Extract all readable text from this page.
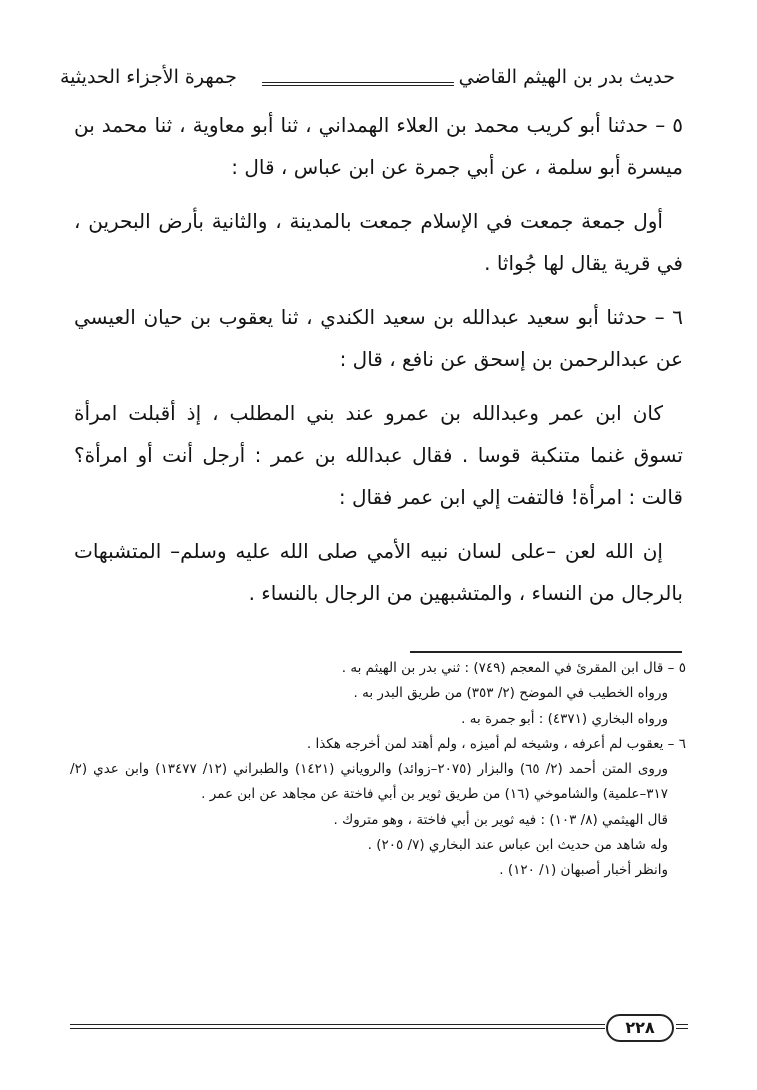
حديث بدر بن الهيثم القاضي
جمهرة الأجزاء الحديثية

٥ – حدثنا أبو كريب محمد بن العلاء الهمداني ، ثنا أبو معاوية ، ثنا محمد بن ميسرة أبو سلمة ، عن أبي جمرة عن ابن عباس ، قال :

أول جمعة جمعت في الإسلام جمعت بالمدينة ، والثانية بأرض البحرين ، في قرية يقال لها جُواثا .

٦ – حدثنا أبو سعيد عبدالله بن سعيد الكندي ، ثنا يعقوب بن حيان العيسي عن عبدالرحمن بن إسحق عن نافع ، قال :

كان ابن عمر وعبدالله بن عمرو عند بني المطلب ، إذ أقبلت امرأة تسوق غنما متنكبة قوسا . فقال عبدالله بن عمر : أرجل أنت أو امرأة؟ قالت : امرأة! فالتفت إلي ابن عمر فقال :

إن الله لعن –على لسان نبيه الأمي صلى الله عليه وسلم– المتشبهات بالرجال من النساء ، والمتشبهين من الرجال بالنساء .

٥ – قال ابن المقرئ في المعجم (٧٤٩) : ثني بدر بن الهيثم به .
ورواه الخطيب في الموضح (٢/ ٣٥٣) من طريق البدر به .
ورواه البخاري (٤٣٧١) : أبو جمرة به .
٦ – يعقوب لم أعرفه ، وشيخه لم أميزه ، ولم أهتد لمن أخرجه هكذا .
وروى المتن أحمد (٢/ ٦٥) والبزار (٢٠٧٥–زوائد) والروياني (١٤٢١) والطبراني (١٢/ ١٣٤٧٧) وابن عدي (٢/ ٣١٧–علمية) والشاموخي (١٦) من طريق ثوير بن أبي فاختة عن مجاهد عن ابن عمر .
قال الهيثمي (٨/ ١٠٣) : فيه ثوير بن أبي فاختة ، وهو متروك .
وله شاهد من حديث ابن عباس عند البخاري (٧/ ٢٠٥) .
وانظر أخبار أصبهان (١/ ١٢٠) .
٢٢٨
